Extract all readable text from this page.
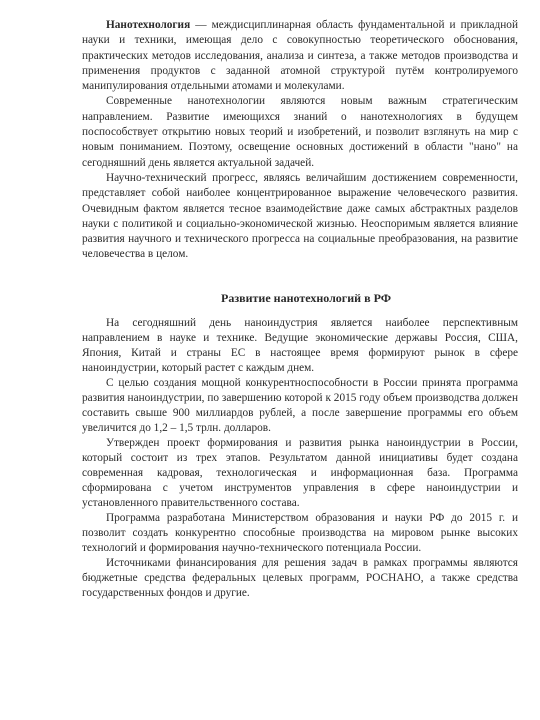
Нанотехнология — междисциплинарная область фундаментальной и прикладной науки и техники, имеющая дело с совокупностью теоретического обоснования, практических методов исследования, анализа и синтеза, а также методов производства и применения продуктов с заданной атомной структурой путём контролируемого манипулирования отдельными атомами и молекулами.

Современные нанотехнологии являются новым важным стратегическим направлением. Развитие имеющихся знаний о нанотехнологиях в будущем поспособствует открытию новых теорий и изобретений, и позволит взглянуть на мир с новым пониманием. Поэтому, освещение основных достижений в области "нано" на сегодняшний день является актуальной задачей.

Научно-технический прогресс, являясь величайшим достижением современности, представляет собой наиболее концентрированное выражение человеческого развития. Очевидным фактом является тесное взаимодействие даже самых абстрактных разделов науки с политикой и социально-экономической жизнью. Неоспоримым является влияние развития научного и технического прогресса на социальные преобразования, на развитие человечества в целом.

Развитие нанотехнологий в РФ

На сегодняшний день наноиндустрия является наиболее перспективным направлением в науке и технике. Ведущие экономические державы Россия, США, Япония, Китай и страны ЕС в настоящее время формируют рынок в сфере наноиндустрии, который растет с каждым днем.

С целью создания мощной конкурентноспособности в России принята программа развития наноиндустрии, по завершению которой к 2015 году объем производства должен составить свыше 900 миллиардов рублей, а после завершение программы его объем увеличится до 1,2 – 1,5 трлн. долларов.

Утвержден проект формирования и развития рынка наноиндустрии в России, который состоит из трех этапов. Результатом данной инициативы будет создана современная кадровая, технологическая и информационная база. Программа сформирована с учетом инструментов управления в сфере наноиндустрии и установленного правительственного состава.

Программа разработана Министерством образования и науки РФ до 2015 г. и позволит создать конкурентно способные производства на мировом рынке высоких технологий и формирования научно-технического потенциала России.

Источниками финансирования для решения задач в рамках программы являются бюджетные средства федеральных целевых программ, РОСНАНО, а также средства государственных фондов и другие.
